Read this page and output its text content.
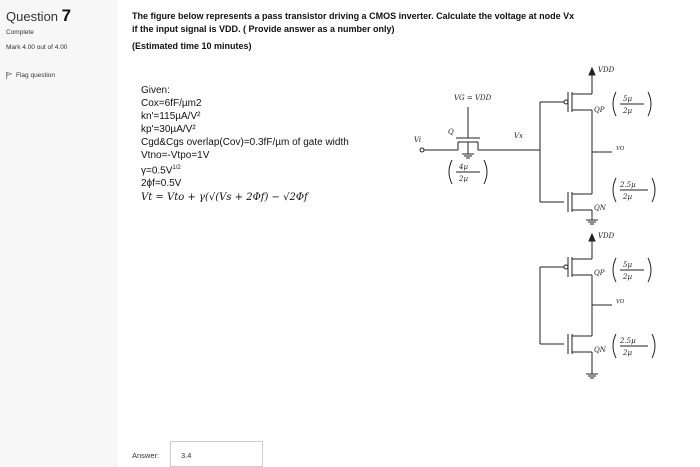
Question 7
Complete
Mark 4.00 out of 4.00
Flag question
The figure below represents a pass transistor driving a CMOS inverter. Calculate the voltage at node Vx
if the input signal is VDD. ( Provide answer as a number only)
(Estimated time 10 minutes)
Given:
Cox=6fF/µm2
kn'=115µA/V²
kp'=30µA/V²
Cgd&Cgs overlap(Cov)=0.3fF/µm of gate width
Vtno=-Vtpo=1V
$\gamma=0.5V^{1/2}$
2ϕf=0.5V
Vt = Vto + γ(√(Vs + 2Φf) − √2Φf
VDD
VDD
VG = VDD
Vi
Q
4µ
2µ
Vx
QP
5µ
2µ
VO
QN
2.5µ
2µ
QP
5µ
2µ
VO
QN
2.5µ
2µ
Answer:	3.4
